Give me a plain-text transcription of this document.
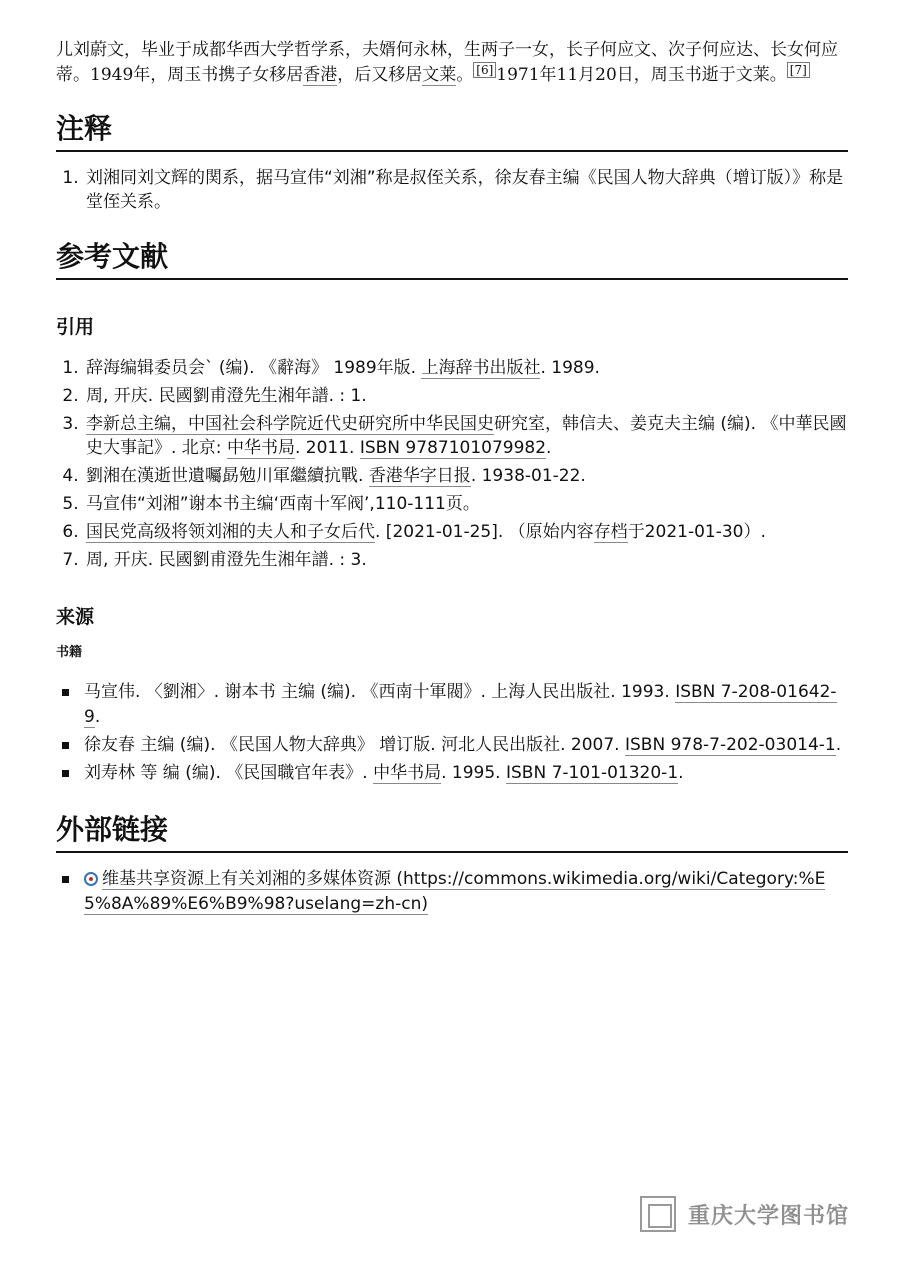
儿刘蔚文，毕业于成都华西大学哲学系，夫婿何永林，生两子一女，长子何应文、次子何应达、长女何应蒂。1949年，周玉书携子女移居香港，后又移居文莱。 [6] 1971年11月20日，周玉书逝于文莱。 [7]

注释
1. 刘湘同刘文辉的関系，据马宣伟“刘湘”称是叔侄关系，徐友春主编《民国人物大辞典（增订版）》称是堂侄关系。
参考文献
引用
1. 辞海编辑委员会` (编). 《辭海》 1989年版. 上海辞书出版社. 1989.
2. 周, 开庆. 民國劉甫澄先生湘年譜. : 1.
3. 李新总主编，中国社会科学院近代史研究所中华民国史研究室，韩信夫、姜克夫主编 (编). 《中華民國史大事記》. 北京: 中华书局. 2011. ISBN 9787101079982.
4. 劉湘在漢逝世遺囑勗勉川軍繼續抗戰. 香港华字日报. 1938-01-22.
5. 马宣伟“刘湘”谢本书主编‘西南十军阀’,110-111页。
6. 国民党高级将领刘湘的夫人和子女后代. [2021-01-25]. （原始内容存档于2021-01-30）.
7. 周, 开庆. 民國劉甫澄先生湘年譜. : 3.
来源
书籍
马宣伟. 〈劉湘〉. 谢本书 主编 (编). 《西南十軍閥》. 上海人民出版社. 1993. ISBN 7-208-01642-9.
徐友春 主编 (编). 《民国人物大辞典》 增订版. 河北人民出版社. 2007. ISBN 978-7-202-03014-1.
刘寿林 等 编 (编). 《民国職官年表》. 中华书局. 1995. ISBN 7-101-01320-1.
外部链接
维基共享资源上有关刘湘的多媒体资源 (https://commons.wikimedia.org/wiki/Category:%E5%8A%89%E6%B9%98?uselang=zh-cn)
重庆大学图书馆
